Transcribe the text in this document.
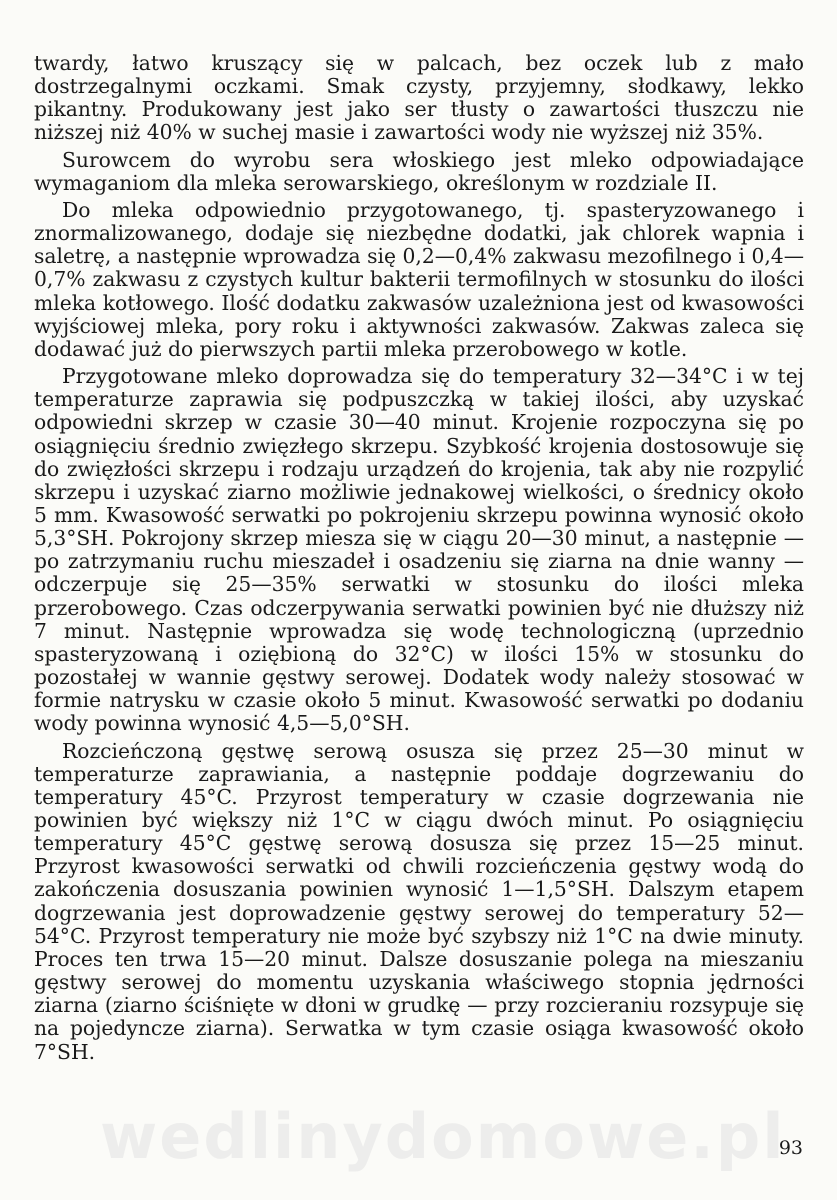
twardy, łatwo kruszący się w palcach, bez oczek lub z mało dostrzegalnymi oczkami. Smak czysty, przyjemny, słodkawy, lekko pikantny. Produkowany jest jako ser tłusty o zawartości tłuszczu nie niższej niż 40% w suchej masie i zawartości wody nie wyższej niż 35%.

Surowcem do wyrobu sera włoskiego jest mleko odpowiadające wymaganiom dla mleka serowarskiego, określonym w rozdziale II.

Do mleka odpowiednio przygotowanego, tj. spasteryzowanego i znormalizowanego, dodaje się niezbędne dodatki, jak chlorek wapnia i saletrę, a następnie wprowadza się 0,2—0,4% zakwasu mezofilnego i 0,4—0,7% zakwasu z czystych kultur bakterii termofilnych w stosunku do ilości mleka kotłowego. Ilość dodatku zakwasów uzależniona jest od kwasowości wyjściowej mleka, pory roku i aktywności zakwasów. Zakwas zaleca się dodawać już do pierwszych partii mleka przerobowego w kotle.

Przygotowane mleko doprowadza się do temperatury 32—34°C i w tej temperaturze zaprawia się podpuszczką w takiej ilości, aby uzyskać odpowiedni skrzep w czasie 30—40 minut. Krojenie rozpoczyna się po osiągnięciu średnio zwięzłego skrzepu. Szybkość krojenia dostosowuje się do zwięzłości skrzepu i rodzaju urządzeń do krojenia, tak aby nie rozpylić skrzepu i uzyskać ziarno możliwie jednakowej wielkości, o średnicy około 5 mm. Kwasowość serwatki po pokrojeniu skrzepu powinna wynosić około 5,3°SH. Pokrojony skrzep miesza się w ciągu 20—30 minut, a następnie — po zatrzymaniu ruchu mieszadeł i osadzeniu się ziarna na dnie wanny — odczerpuje się 25—35% serwatki w stosunku do ilości mleka przerobowego. Czas odczerpywania serwatki powinien być nie dłuższy niż 7 minut. Następnie wprowadza się wodę technologiczną (uprzednio spasteryzowaną i oziębioną do 32°C) w ilości 15% w stosunku do pozostałej w wannie gęstwy serowej. Dodatek wody należy stosować w formie natrysku w czasie około 5 minut. Kwasowość serwatki po dodaniu wody powinna wynosić 4,5—5,0°SH.

Rozcieńczoną gęstwę serową osusza się przez 25—30 minut w temperaturze zaprawiania, a następnie poddaje dogrzewaniu do temperatury 45°C. Przyrost temperatury w czasie dogrzewania nie powinien być większy niż 1°C w ciągu dwóch minut. Po osiągnięciu temperatury 45°C gęstwę serową dosusza się przez 15—25 minut. Przyrost kwasowości serwatki od chwili rozcieńczenia gęstwy wodą do zakończenia dosuszania powinien wynosić 1—1,5°SH. Dalszym etapem dogrzewania jest doprowadzenie gęstwy serowej do temperatury 52—54°C. Przyrost temperatury nie może być szybszy niż 1°C na dwie minuty. Proces ten trwa 15—20 minut. Dalsze dosuszanie polega na mieszaniu gęstwy serowej do momentu uzyskania właściwego stopnia jędrności ziarna (ziarno ściśnięte w dłoni w grudkę — przy rozcieraniu rozsypuje się na pojedyncze ziarna). Serwatka w tym czasie osiąga kwasowość około 7°SH.

wedlinydomowe.pl
93
